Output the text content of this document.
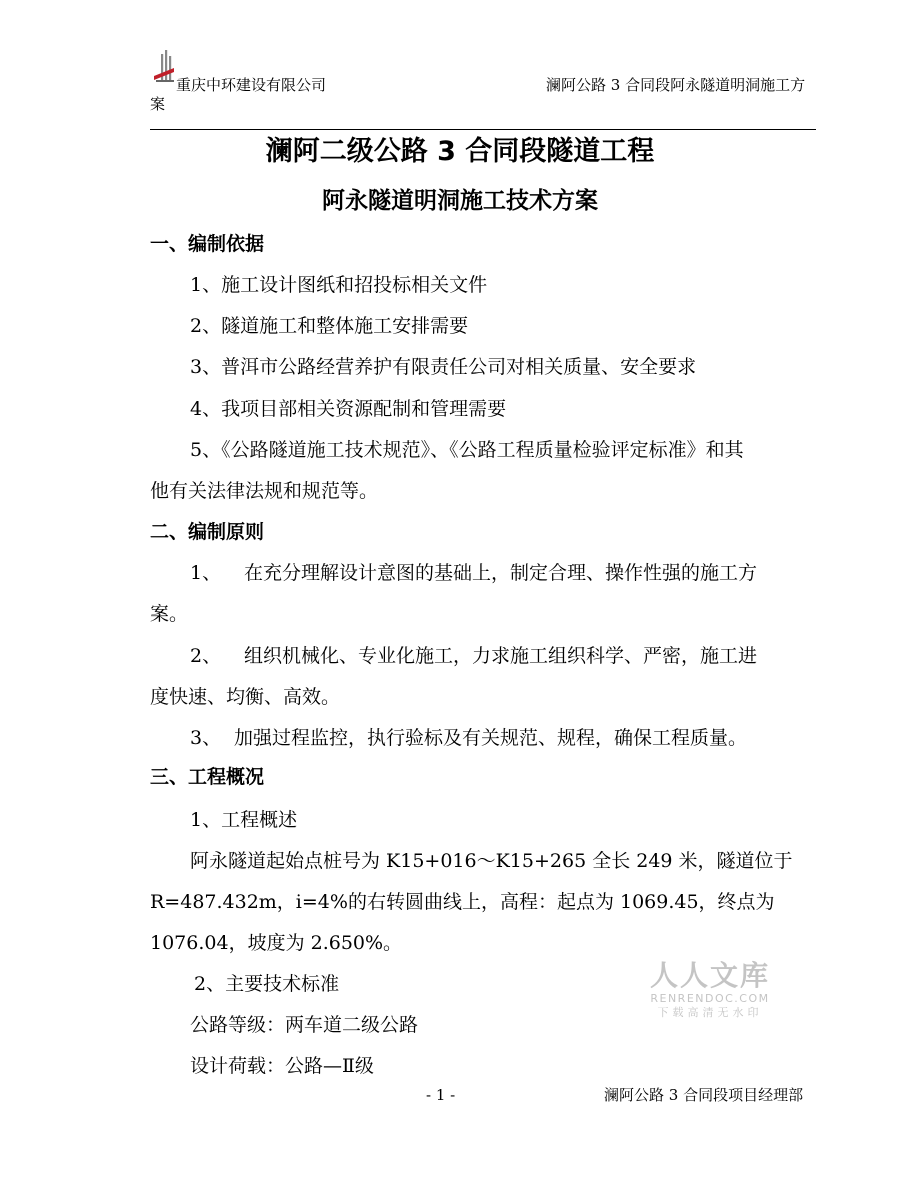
重庆中环建设有限公司
案
澜阿公路 3 合同段阿永隧道明洞施工方
澜阿二级公路 3 合同段隧道工程
阿永隧道明洞施工技术方案
一、编制依据
1、施工设计图纸和招投标相关文件
2、隧道施工和整体施工安排需要
3、普洱市公路经营养护有限责任公司对相关质量、安全要求
4、我项目部相关资源配制和管理需要
5、《公路隧道施工技术规范》、《公路工程质量检验评定标准》和其
他有关法律法规和规范等。
二、编制原则
1、 在充分理解设计意图的基础上，制定合理、操作性强的施工方
案。
2、 组织机械化、专业化施工，力求施工组织科学、严密，施工进
度快速、均衡、高效。
3、 加强过程监控，执行验标及有关规范、规程，确保工程质量。
三、工程概况
1、工程概述
阿永隧道起始点桩号为 K15+016～K15+265 全长 249 米，隧道位于
R=487.432m，i=4%的右转圆曲线上，高程：起点为 1069.45，终点为
1076.04，坡度为 2.650%。
2、主要技术标准
公路等级：两车道二级公路
设计荷载：公路—Ⅱ级
人人文库
RENRENDOC.COM
下载高清无水印
- 1 -	澜阿公路 3 合同段项目经理部
